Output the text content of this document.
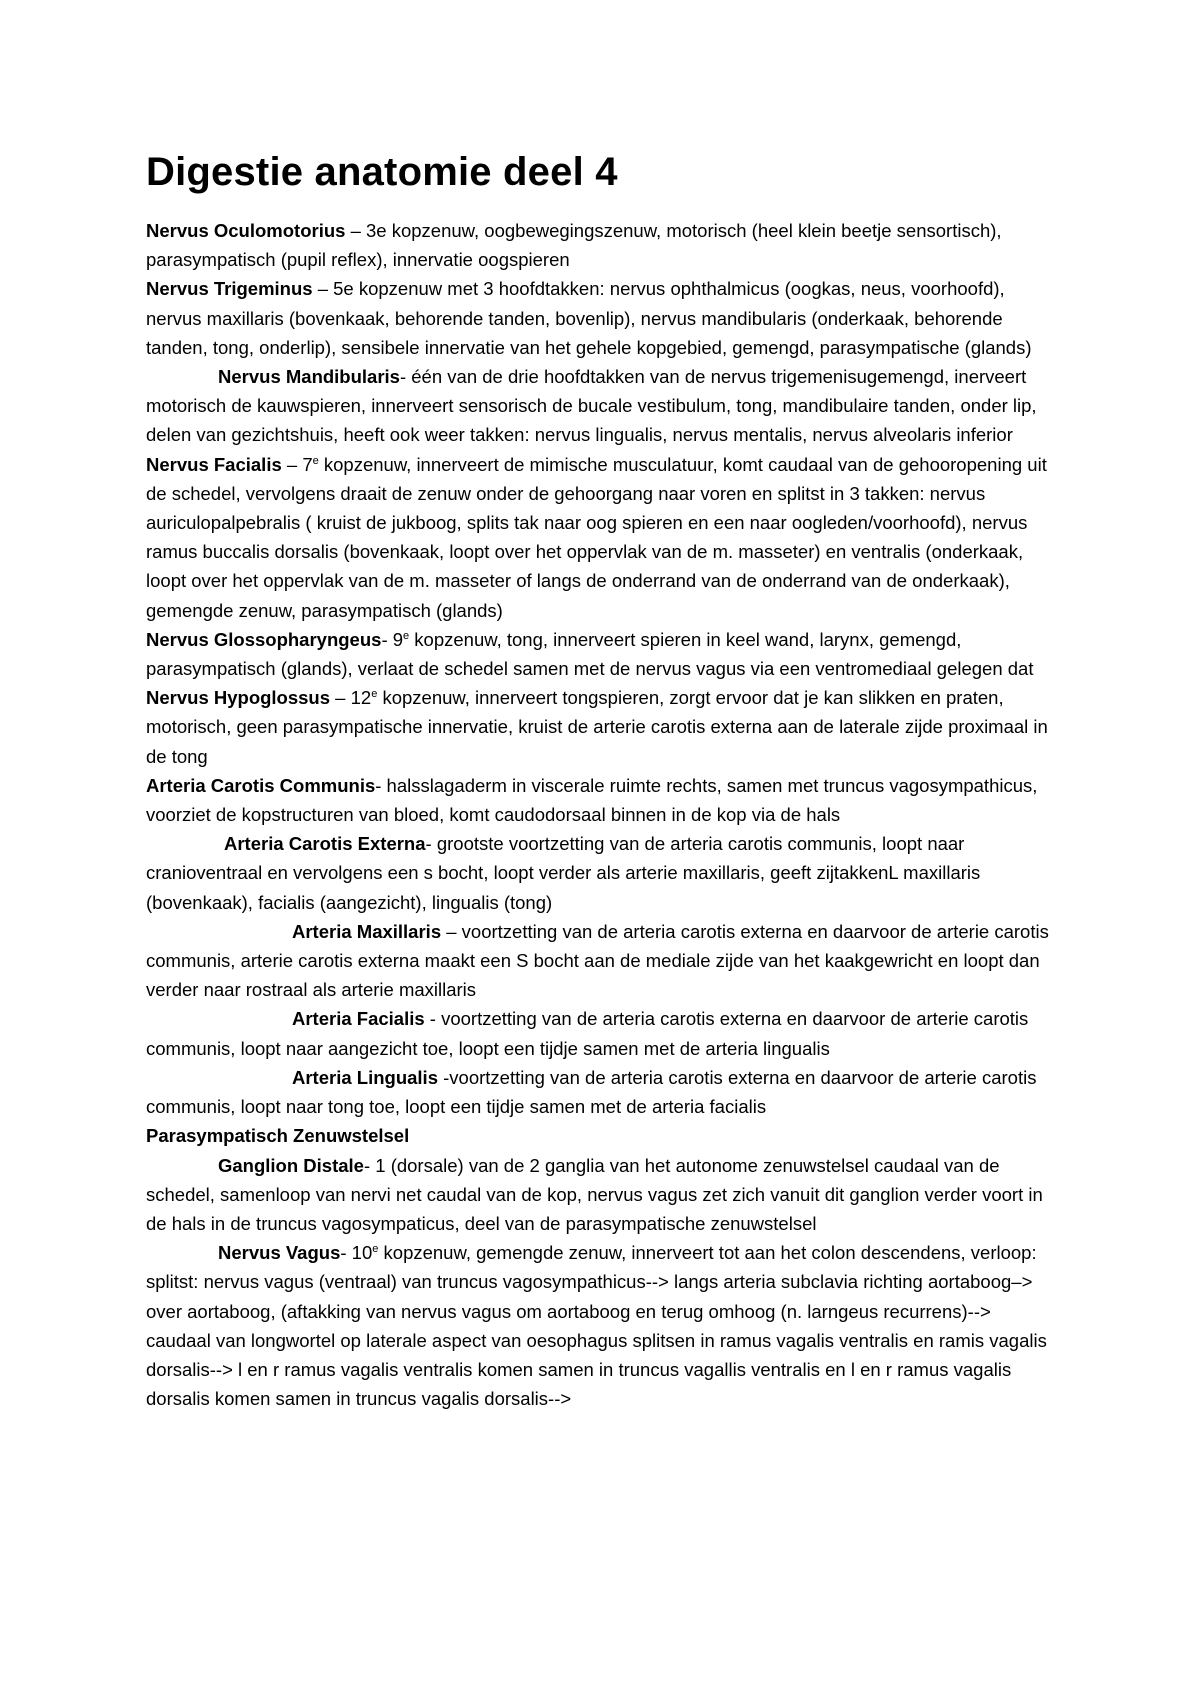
Digestie anatomie deel 4

Nervus Oculomotorius – 3e kopzenuw, oogbewegingszenuw, motorisch (heel klein beetje sensortisch), parasympatisch (pupil reflex), innervatie oogspieren

Nervus Trigeminus – 5e kopzenuw met 3 hoofdtakken: nervus ophthalmicus (oogkas, neus, voorhoofd), nervus maxillaris (bovenkaak, behorende tanden, bovenlip), nervus mandibularis (onderkaak, behorende tanden, tong, onderlip), sensibele innervatie van het gehele kopgebied, gemengd, parasympatische (glands)

Nervus Mandibularis- één van de drie hoofdtakken van de nervus trigemenisugemengd, inerveert motorisch de kauwspieren, innerveert sensorisch de bucale vestibulum, tong, mandibulaire tanden, onder lip, delen van gezichtshuis, heeft ook weer takken: nervus lingualis, nervus mentalis, nervus alveolaris inferior

Nervus Facialis – 7e kopzenuw, innerveert de mimische musculatuur, komt caudaal van de gehooropening uit de schedel, vervolgens draait de zenuw onder de gehoorgang naar voren en splitst in 3 takken: nervus auriculopalpebralis ( kruist de jukboog, splits tak naar oog spieren en een naar oogleden/voorhoofd), nervus ramus buccalis dorsalis (bovenkaak, loopt over het oppervlak van de m. masseter) en ventralis (onderkaak, loopt over het oppervlak van de m. masseter of langs de onderrand van de onderrand van de onderkaak), gemengde zenuw, parasympatisch (glands)

Nervus Glossopharyngeus- 9e kopzenuw, tong, innerveert spieren in keel wand, larynx, gemengd, parasympatisch (glands), verlaat de schedel samen met de nervus vagus via een ventromediaal gelegen dat

Nervus Hypoglossus – 12e kopzenuw, innerveert tongspieren, zorgt ervoor dat je kan slikken en praten, motorisch, geen parasympatische innervatie, kruist de arterie carotis externa aan de laterale zijde proximaal in de tong

Arteria Carotis Communis- halsslagaderm in viscerale ruimte rechts, samen met truncus vagosympathicus, voorziet de kopstructuren van bloed, komt caudodorsaal binnen in de kop via de hals

Arteria Carotis Externa- grootste voortzetting van de arteria carotis communis, loopt naar cranioventraal en vervolgens een s bocht, loopt verder als arterie maxillaris, geeft zijtakkenL maxillaris (bovenkaak), facialis (aangezicht), lingualis (tong)

Arteria Maxillaris – voortzetting van de arteria carotis externa en daarvoor de arterie carotis communis, arterie carotis externa maakt een S bocht aan de mediale zijde van het kaakgewricht en loopt dan verder naar rostraal als arterie maxillaris

Arteria Facialis - voortzetting van de arteria carotis externa en daarvoor de arterie carotis communis, loopt naar aangezicht toe, loopt een tijdje samen met de arteria lingualis

Arteria Lingualis -voortzetting van de arteria carotis externa en daarvoor de arterie carotis communis, loopt naar tong toe, loopt een tijdje samen met de arteria facialis

Parasympatisch Zenuwstelsel

Ganglion Distale- 1 (dorsale) van de 2 ganglia van het autonome zenuwstelsel caudaal van de schedel, samenloop van nervi net caudal van de kop, nervus vagus zet zich vanuit dit ganglion verder voort in de hals in de truncus vagosympaticus, deel van de parasympatische zenuwstelsel

Nervus Vagus- 10e kopzenuw, gemengde zenuw, innerveert tot aan het colon descendens, verloop: splitst: nervus vagus (ventraal) van truncus vagosympathicus--> langs arteria subclavia richting aortaboog–> over aortaboog, (aftakking van nervus vagus om aortaboog en terug omhoog (n. larngeus recurrens)--> caudaal van longwortel op laterale aspect van oesophagus splitsen in ramus vagalis ventralis en ramis vagalis dorsalis--> l en r ramus vagalis ventralis komen samen in truncus vagallis ventralis en l en r ramus vagalis dorsalis komen samen in truncus vagalis dorsalis-->
